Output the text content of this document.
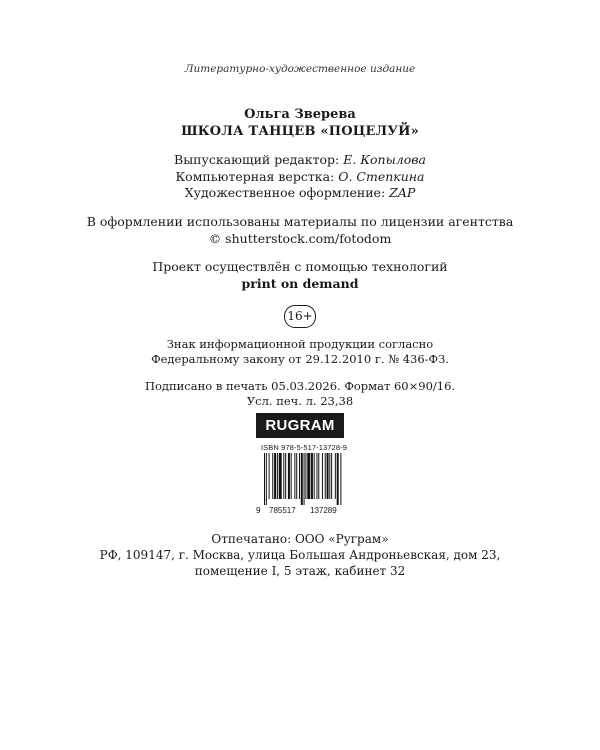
Литературно-художественное издание
Ольга Зверева
ШКОЛА ТАНЦЕВ «ПОЦЕЛУЙ»
Выпускающий редактор: Е. Копылова
Компьютерная верстка: О. Степкина
Художественное оформление: ZAP
В оформлении использованы материалы по лицензии агентства
© shutterstock.com/fotodom
Проект осуществлён с помощью технологий
print on demand
16+
Знак информационной продукции согласно
Федеральному закону от 29.12.2010 г. № 436-ФЗ.
Подписано в печать 05.03.2026. Формат 60×90/16.
Усл. печ. л. 23,38
RUGRAM
ISBN 978-5-517-13728-9
9 785517 137289
Отпечатано: ООО «Руграм»
РФ, 109147, г. Москва, улица Большая Андроньевская, дом 23,
помещение I, 5 этаж, кабинет 32
